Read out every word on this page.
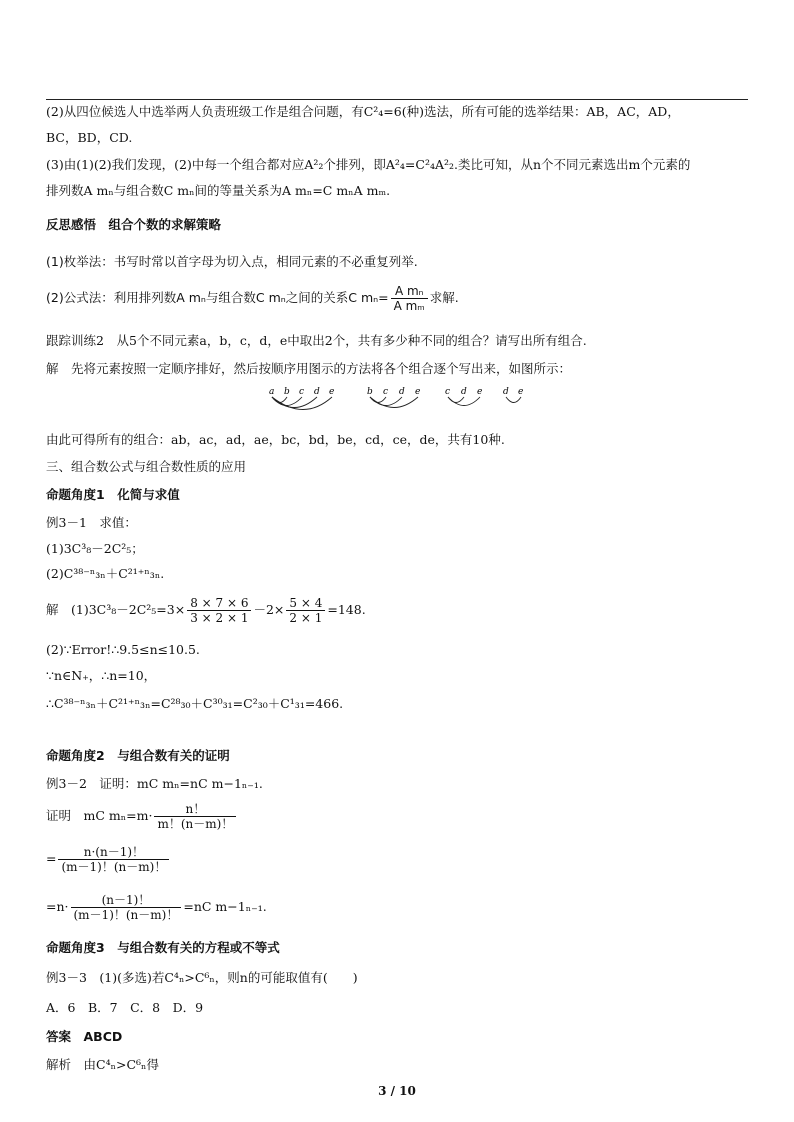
(2)从四位候选人中选举两人负责班级工作是组合问题，有C²₄=6(种)选法，所有可能的选举结果：AB，AC，AD，
BC，BD，CD.
(3)由(1)(2)我们发现，(2)中每一个组合都对应A²₂个排列，即A²₄=C²₄A²₂.类比可知，从n个不同元素选出m个元素的
排列数A mₙ与组合数C mₙ间的等量关系为A mₙ=C mₙA mₘ.
反思感悟　组合个数的求解策略
(1)枚举法：书写时常以首字母为切入点，相同元素的不必重复列举.
(2)公式法：利用排列数A mₙ与组合数C mₙ之间的关系C $m_n= \frac{\text{A mₙ}}{\text{A mₘ}}$ 求解.
跟踪训练2　从5个不同元素a，b，c，d，e中取出2个，共有多少种不同的组合？请写出所有组合.
解　先将元素按照一定顺序排好，然后按顺序用图示的方法将各个组合逐个写出来，如图所示：
a b c d e	b c d e	c d e d e
由此可得所有的组合：ab，ac，ad，ae，bc，bd，be，cd，ce，de，共有10种.
三、组合数公式与组合数性质的应用
命题角度1　化简与求值
例3－1　求值：
(1)3C³₈－2C²₅；
(2)C³⁸⁻ⁿ₃ₙ＋C²¹⁺ⁿ₃ₙ.
解　$(1)3C^3_8-2C^2_5=3\times \frac{8 \times 7 \times 6}{3 \times 2 \times 1} -2\times \frac{5 \times 4}{2 \times 1} =148$.
(2)∵Error!∴9.5≤n≤10.5.
∵n∈N₊，∴n=10，
∴C³⁸⁻ⁿ₃ₙ＋C²¹⁺ⁿ₃ₙ=C²⁸₃₀＋C³⁰₃₁=C²₃₀＋C¹₃₁=466.
命题角度2　与组合数有关的证明
例3－2　证明：mC mₙ=nC m−1ₙ₋₁.
证明　mC $m_n=m\cdot \frac{n!}{m!(n-m)!}$
= $\frac{n\cdot(n-1)!}{(m-1)!(n-m)!}$
$=n\cdot \frac{(n-1)!}{(m-1)!(n-m)!} =nC$ m−1ₙ₋₁.
命题角度3　与组合数有关的方程或不等式
例3－3　(1)(多选)若C⁴ₙ>C⁶ₙ，则n的可能取值有(　　)
A．6　B．7　C．8　D．9
答案　ABCD
解析　由C⁴ₙ>C⁶ₙ得
3 / 10
